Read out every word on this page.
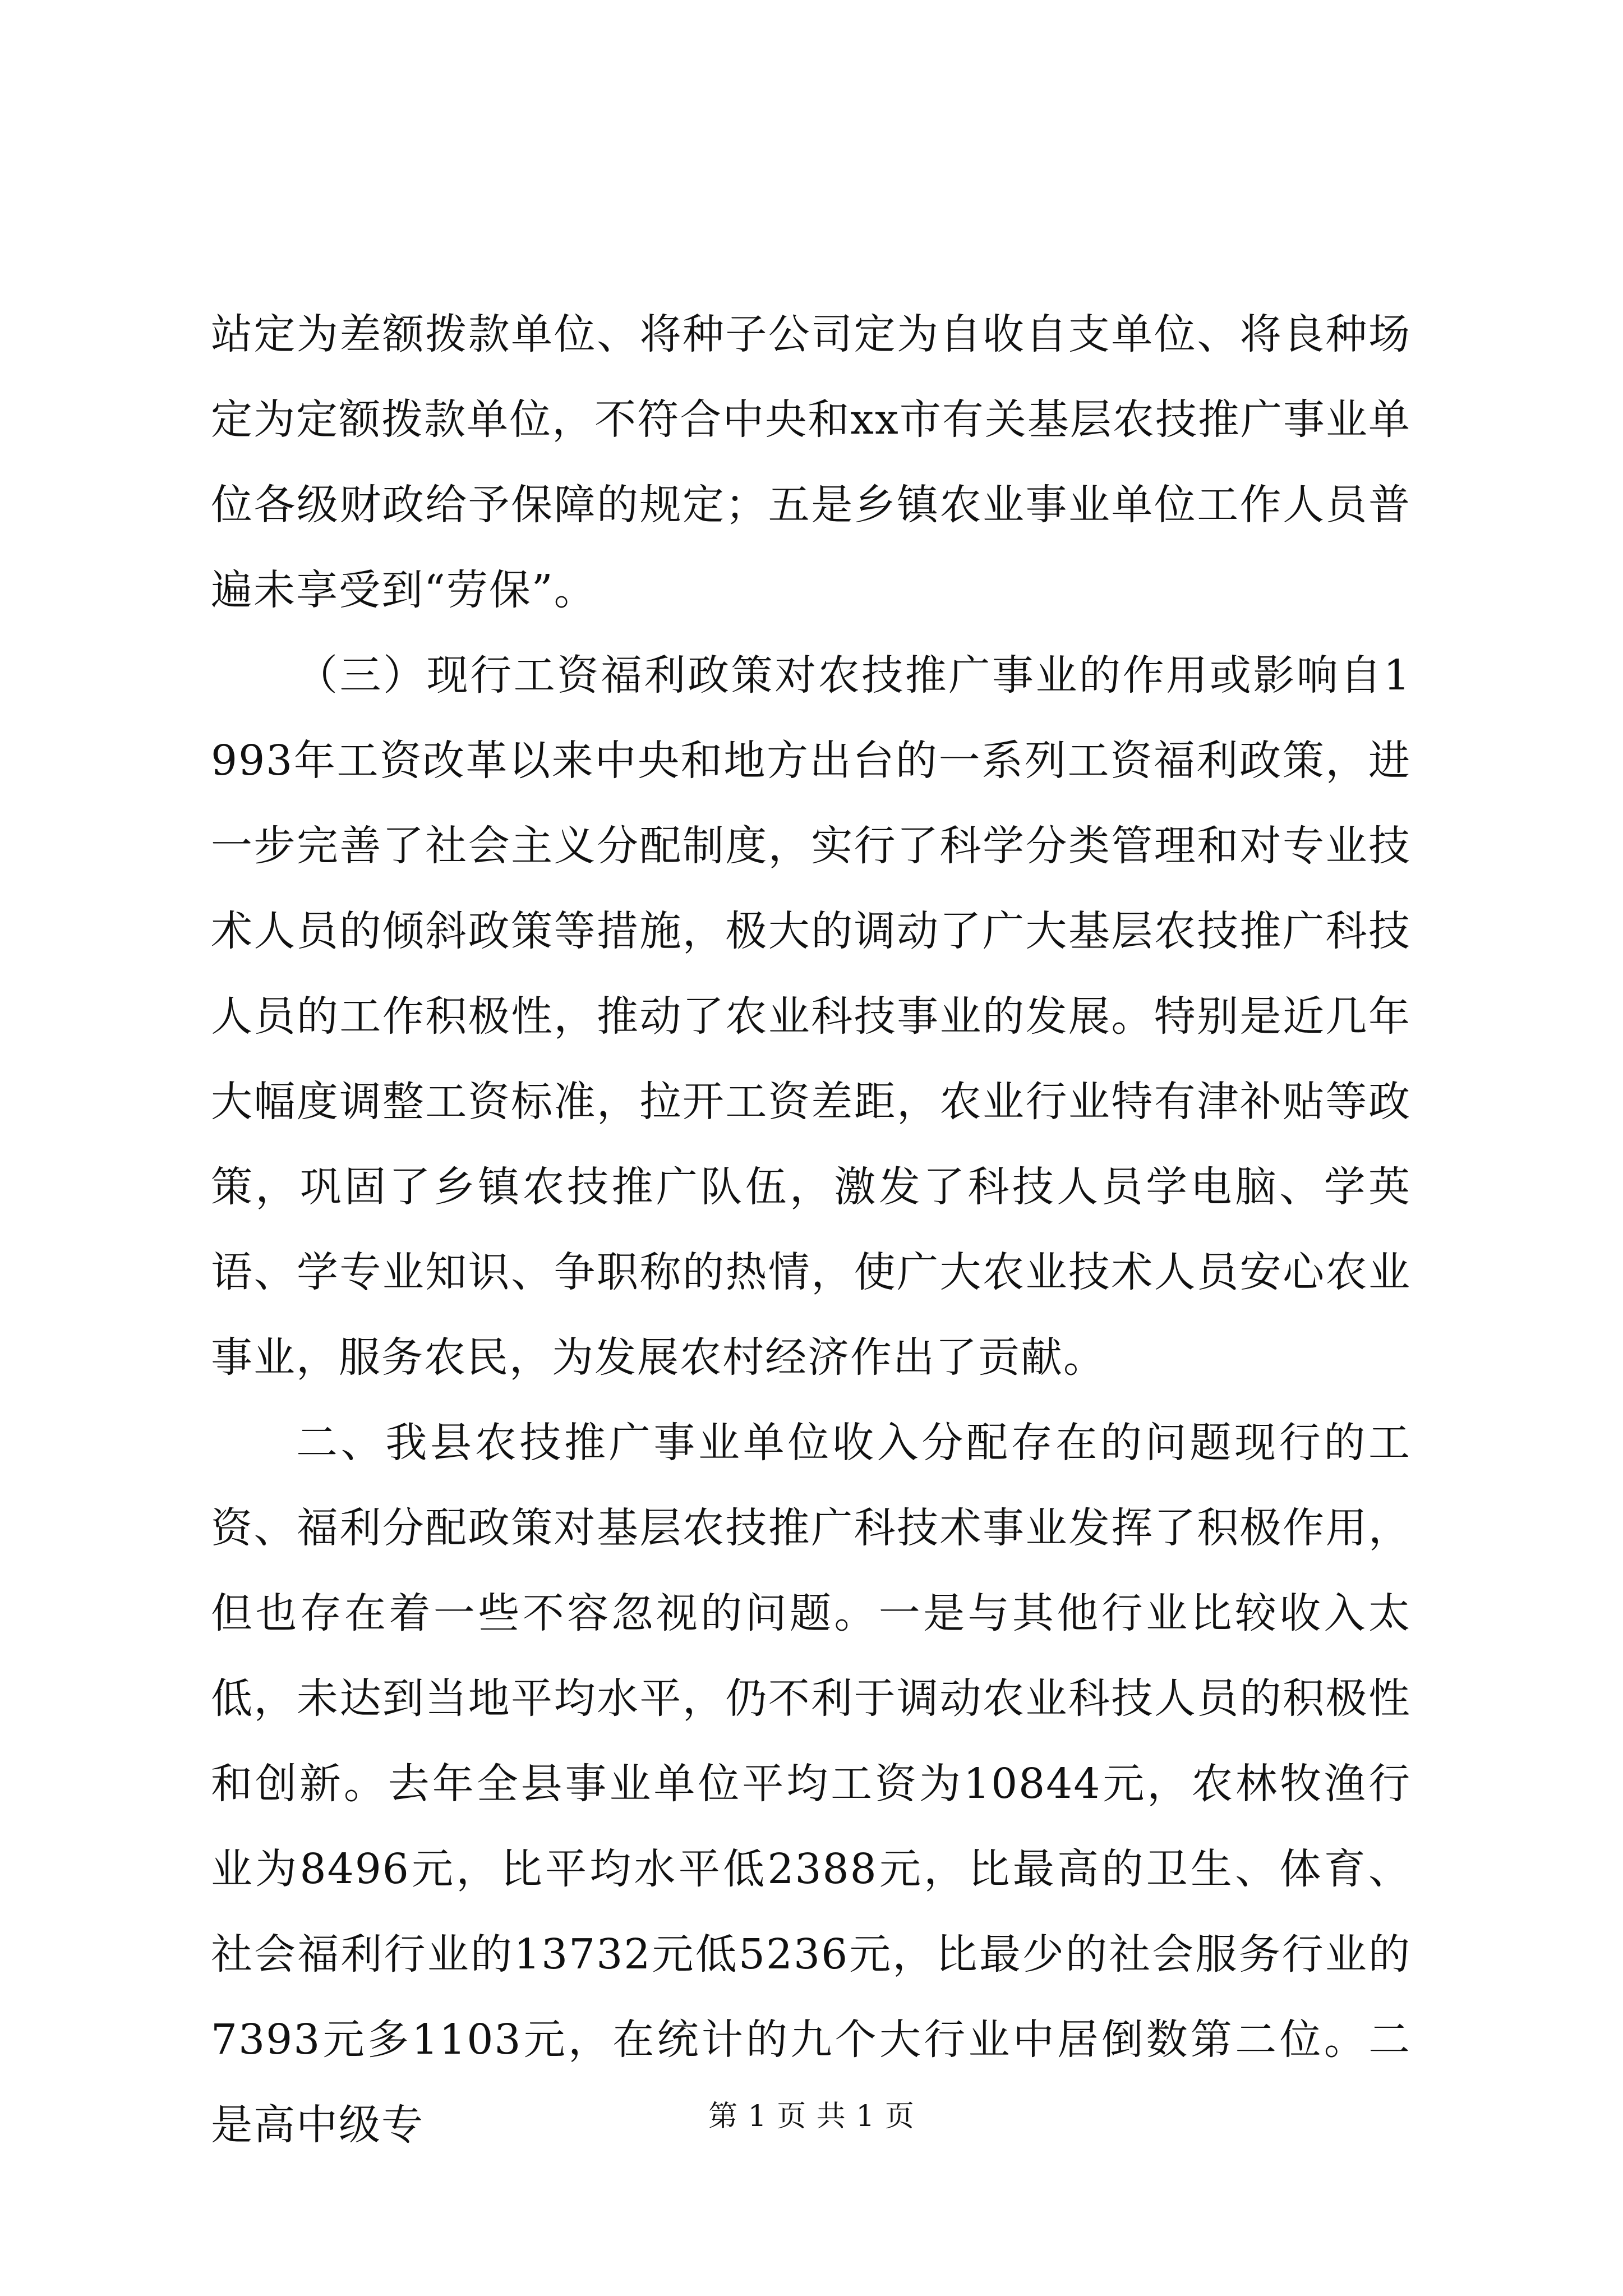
站定为差额拨款单位、将种子公司定为自收自支单位、将良种场定为定额拨款单位，不符合中央和xx市有关基层农技推广事业单位各级财政给予保障的规定；五是乡镇农业事业单位工作人员普遍未享受到“劳保”。

（三）现行工资福利政策对农技推广事业的作用或影响自1993年工资改革以来中央和地方出台的一系列工资福利政策，进一步完善了社会主义分配制度，实行了科学分类管理和对专业技术人员的倾斜政策等措施，极大的调动了广大基层农技推广科技人员的工作积极性，推动了农业科技事业的发展。特别是近几年大幅度调整工资标准，拉开工资差距，农业行业特有津补贴等政策，巩固了乡镇农技推广队伍，激发了科技人员学电脑、学英语、学专业知识、争职称的热情，使广大农业技术人员安心农业事业，服务农民，为发展农村经济作出了贡献。

二、我县农技推广事业单位收入分配存在的问题现行的工资、福利分配政策对基层农技推广科技术事业发挥了积极作用，但也存在着一些不容忽视的问题。一是与其他行业比较收入太低，未达到当地平均水平，仍不利于调动农业科技人员的积极性和创新。去年全县事业单位平均工资为10844元，农林牧渔行业为8496元，比平均水平低2388元，比最高的卫生、体育、社会福利行业的13732元低5236元，比最少的社会服务行业的7393元多1103元，在统计的九个大行业中居倒数第二位。二是高中级专	第 1 页 共 1 页
